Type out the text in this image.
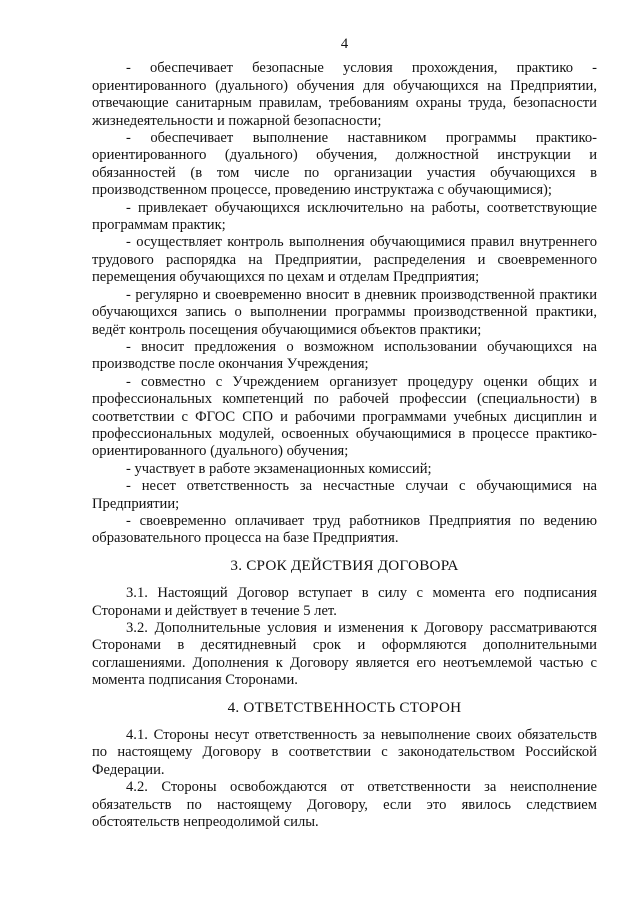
4

- обеспечивает безопасные условия прохождения, практико - ориентированного (дуального) обучения для обучающихся на Предприятии, отвечающие санитарным правилам, требованиям охраны труда, безопасности жизнедеятельности и пожарной безопасности;

- обеспечивает выполнение наставником программы практико-ориентированного (дуального) обучения, должностной инструкции и обязанностей (в том числе по организации участия обучающихся в производственном процессе, проведению инструктажа с обучающимися);

- привлекает обучающихся исключительно на работы, соответствующие программам практик;

- осуществляет контроль выполнения обучающимися правил внутреннего трудового распорядка на Предприятии, распределения и своевременного перемещения обучающихся по цехам и отделам Предприятия;

- регулярно и своевременно вносит в дневник производственной практики обучающихся запись о выполнении программы производственной практики, ведёт контроль посещения обучающимися объектов практики;

- вносит предложения о возможном использовании обучающихся на производстве после окончания Учреждения;

- совместно с Учреждением организует процедуру оценки общих и профессиональных компетенций по рабочей профессии (специальности) в соответствии с ФГОС СПО и рабочими программами учебных дисциплин и профессиональных модулей, освоенных обучающимися в процессе практико-ориентированного (дуального) обучения;

- участвует в работе экзаменационных комиссий;

- несет ответственность за несчастные случаи с обучающимися на Предприятии;

- своевременно оплачивает труд работников Предприятия по ведению образовательного процесса на базе Предприятия.

3. СРОК ДЕЙСТВИЯ ДОГОВОРА

3.1. Настоящий Договор вступает в силу с момента его подписания Сторонами и действует в течение 5 лет.

3.2. Дополнительные условия и изменения к Договору рассматриваются Сторонами в десятидневный срок и оформляются дополнительными соглашениями. Дополнения к Договору является его неотъемлемой частью с момента подписания Сторонами.

4. ОТВЕТСТВЕННОСТЬ СТОРОН

4.1. Стороны несут ответственность за невыполнение своих обязательств по настоящему Договору в соответствии с законодательством Российской Федерации.

4.2. Стороны освобождаются от ответственности за неисполнение обязательств по настоящему Договору, если это явилось следствием обстоятельств непреодолимой силы.
